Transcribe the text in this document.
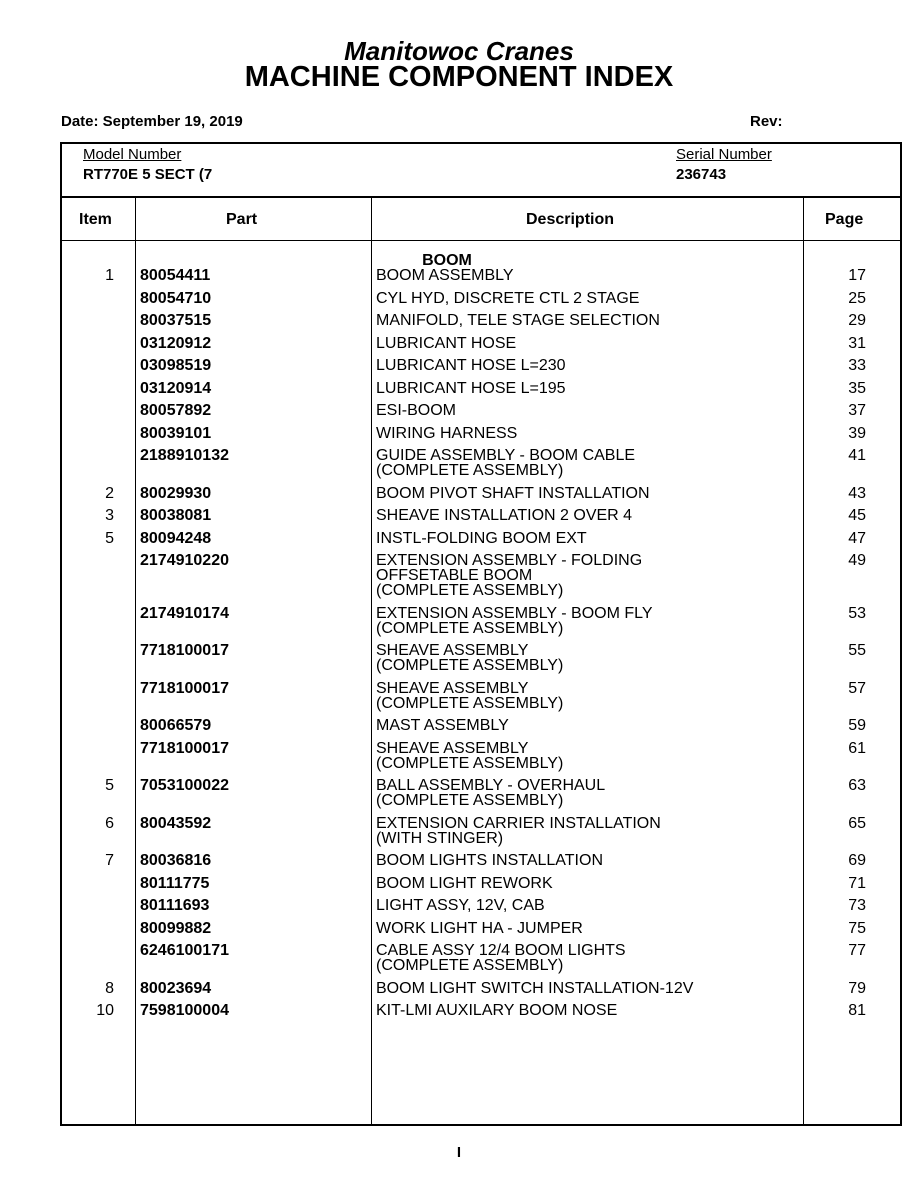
Manitowoc Cranes
MACHINE COMPONENT INDEX
Date: September 19, 2019	Rev:
Model Number
RT770E 5 SECT (7
Serial Number
236743
Item	Part	Description	Page
BOOM
1 80054411	BOOM ASSEMBLY	17
80054710	CYL HYD, DISCRETE CTL 2 STAGE	25
80037515	MANIFOLD, TELE STAGE SELECTION	29
03120912	LUBRICANT HOSE	31
03098519	LUBRICANT HOSE L=230	33
03120914	LUBRICANT HOSE L=195	35
80057892	ESI-BOOM	37
80039101	WIRING HARNESS	39
2188910132	GUIDE ASSEMBLY - BOOM CABLE
(COMPLETE ASSEMBLY)
41
2 80029930	BOOM PIVOT SHAFT INSTALLATION	43
3 80038081	SHEAVE INSTALLATION 2 OVER 4	45
5 80094248	INSTL-FOLDING BOOM EXT	47
2174910220	EXTENSION ASSEMBLY - FOLDING
OFFSETABLE BOOM
(COMPLETE ASSEMBLY)
49
2174910174	EXTENSION ASSEMBLY - BOOM FLY
(COMPLETE ASSEMBLY)
53
7718100017	SHEAVE ASSEMBLY
(COMPLETE ASSEMBLY)
55
7718100017	SHEAVE ASSEMBLY
(COMPLETE ASSEMBLY)
57
80066579	MAST ASSEMBLY	59
7718100017	SHEAVE ASSEMBLY
(COMPLETE ASSEMBLY)
61
5 7053100022	BALL ASSEMBLY - OVERHAUL
(COMPLETE ASSEMBLY)
63
6 80043592	EXTENSION CARRIER INSTALLATION
(WITH STINGER)
65
7 80036816	BOOM LIGHTS INSTALLATION	69
80111775	BOOM LIGHT REWORK	71
80111693	LIGHT ASSY, 12V, CAB	73
80099882	WORK LIGHT HA - JUMPER	75
6246100171	CABLE ASSY 12/4 BOOM LIGHTS
(COMPLETE ASSEMBLY)
77
8 80023694	BOOM LIGHT SWITCH INSTALLATION-12V	79
10 7598100004	KIT-LMI AUXILARY BOOM NOSE	81
I
